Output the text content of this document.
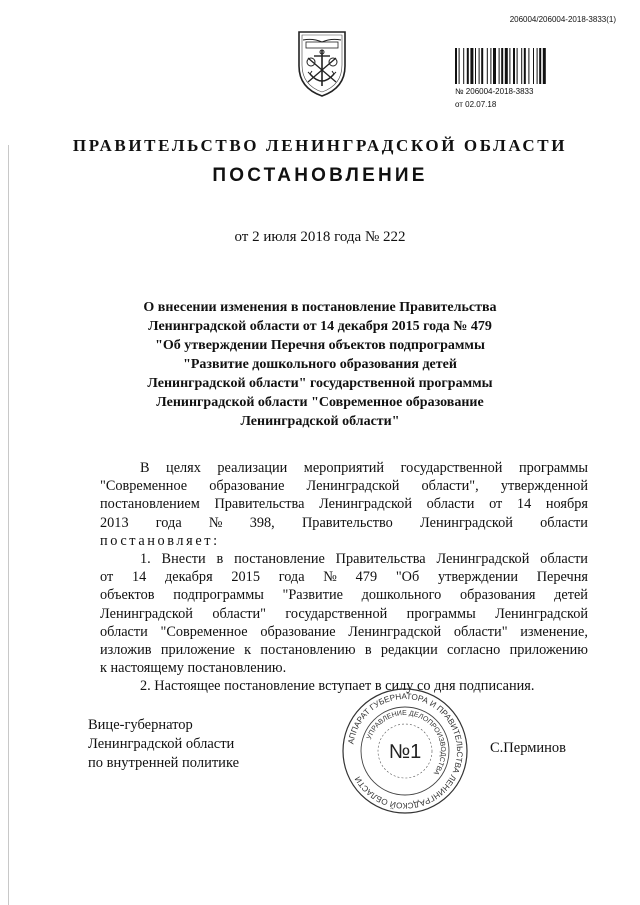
206004/206004-2018-3833(1)
№ 206004-2018-3833
от 02.07.18
ПРАВИТЕЛЬСТВО ЛЕНИНГРАДСКОЙ ОБЛАСТИ
ПОСТАНОВЛЕНИЕ
от 2 июля 2018 года № 222
О внесении изменения в постановление Правительства
Ленинградской области от 14 декабря 2015 года № 479
"Об утверждении Перечня объектов подпрограммы
"Развитие дошкольного образования детей
Ленинградской области" государственной программы
Ленинградской области "Современное образование
Ленинградской области"
В целях реализации мероприятий государственной программы
"Современное образование Ленинградской области", утвержденной
постановлением Правительства Ленинградской области от 14 ноября
2013 года № 398, Правительство Ленинградской области
постановляет:
1. Внести в постановление Правительства Ленинградской области
от 14 декабря 2015 года № 479 "Об утверждении Перечня
объектов подпрограммы "Развитие дошкольного образования детей
Ленинградской области" государственной программы Ленинградской
области "Современное образование Ленинградской области" изменение,
изложив приложение к постановлению в редакции согласно приложению
к настоящему постановлению.
2. Настоящее постановление вступает в силу со дня подписания.
Вице-губернатор
Ленинградской области
по внутренней политике
АППАРАТ ГУБЕРНАТОРА И ПРАВИТЕЛЬСТВА ЛЕНИНГРАДСКОЙ ОБЛАСТИ
УПРАВЛЕНИЕ ДЕЛОПРОИЗВОДСТВА
№1	С.Перминов
